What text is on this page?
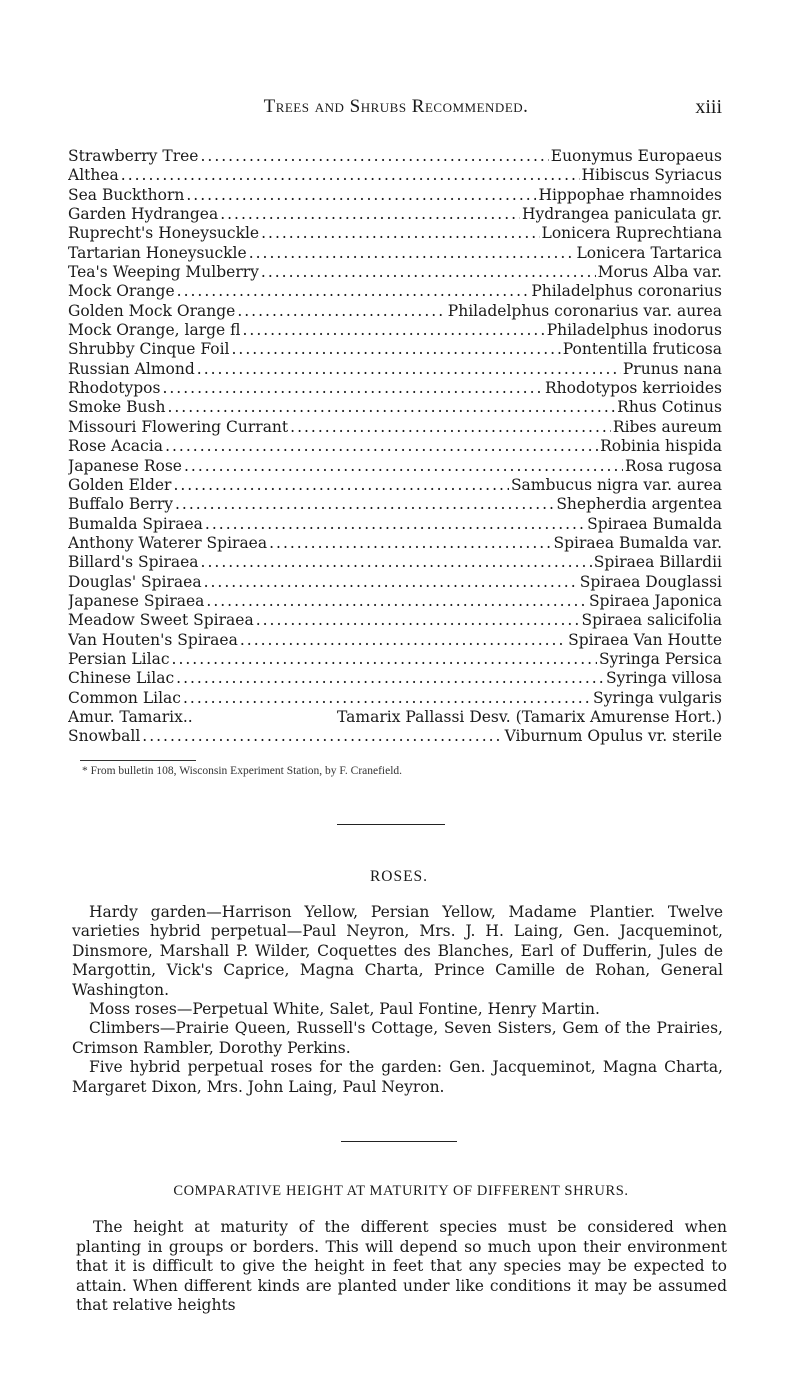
Trees and Shrubs Recommended.	xiii
Strawberry Tree .....	Euonymus Europaeus
Althea .....	Hibiscus Syriacus
Sea Buckthorn .....	Hippophae rhamnoides
Garden Hydrangea .....	Hydrangea paniculata gr.
Ruprecht's Honeysuckle .....	Lonicera Ruprechtiana
Tartarian Honeysuckle .....	Lonicera Tartarica
Tea's Weeping Mulberry .....	Morus Alba var.
Mock Orange .....	Philadelphus coronarius
Golden Mock Orange .....	Philadelphus coronarius var. aurea
Mock Orange, large fl .....	Philadelphus inodorus
Shrubby Cinque Foil .....	Pontentilla fruticosa
Russian Almond .....	Prunus nana
Rhodotypos .....	Rhodotypos kerrioides
Smoke Bush .....	Rhus Cotinus
Missouri Flowering Currant .....	Ribes aureum
Rose Acacia .....	Robinia hispida
Japanese Rose .....	Rosa rugosa
Golden Elder .....	Sambucus nigra var. aurea
Buffalo Berry .....	Shepherdia argentea
Bumalda Spiraea .....	Spiraea Bumalda
Anthony Waterer Spiraea .....	Spiraea Bumalda var.
Billard's Spiraea .....	Spiraea Billardii
Douglas' Spiraea .....	Spiraea Douglassi
Japanese Spiraea .....	Spiraea Japonica
Meadow Sweet Spiraea .....	Spiraea salicifolia
Van Houten's Spiraea .....	Spiraea Van Houtte
Persian Lilac .....	Syringa Persica
Chinese Lilac .....	Syringa villosa
Common Lilac .....	Syringa vulgaris
Amur. Tamarix..	Tamarix Pallassi Desv. (Tamarix Amurense Hort.)
Snowball .....	Viburnum Opulus vr. sterile
* From bulletin 108, Wisconsin Experiment Station, by F. Cranefield.
ROSES.

Hardy garden—Harrison Yellow, Persian Yellow, Madame Plantier. Twelve varieties hybrid perpetual—Paul Neyron, Mrs. J. H. Laing, Gen. Jacqueminot, Dinsmore, Marshall P. Wilder, Coquettes des Blanches, Earl of Dufferin, Jules de Margottin, Vick's Caprice, Magna Charta, Prince Camille de Rohan, General Washington.

Moss roses—Perpetual White, Salet, Paul Fontine, Henry Martin.

Climbers—Prairie Queen, Russell's Cottage, Seven Sisters, Gem of the Prairies, Crimson Rambler, Dorothy Perkins.

Five hybrid perpetual roses for the garden: Gen. Jacqueminot, Magna Charta, Margaret Dixon, Mrs. John Laing, Paul Neyron.

COMPARATIVE HEIGHT AT MATURITY OF DIFFERENT SHRURS.

The height at maturity of the different species must be considered when planting in groups or borders. This will depend so much upon their environment that it is difficult to give the height in feet that any species may be expected to attain. When different kinds are planted under like conditions it may be assumed that relative heights
